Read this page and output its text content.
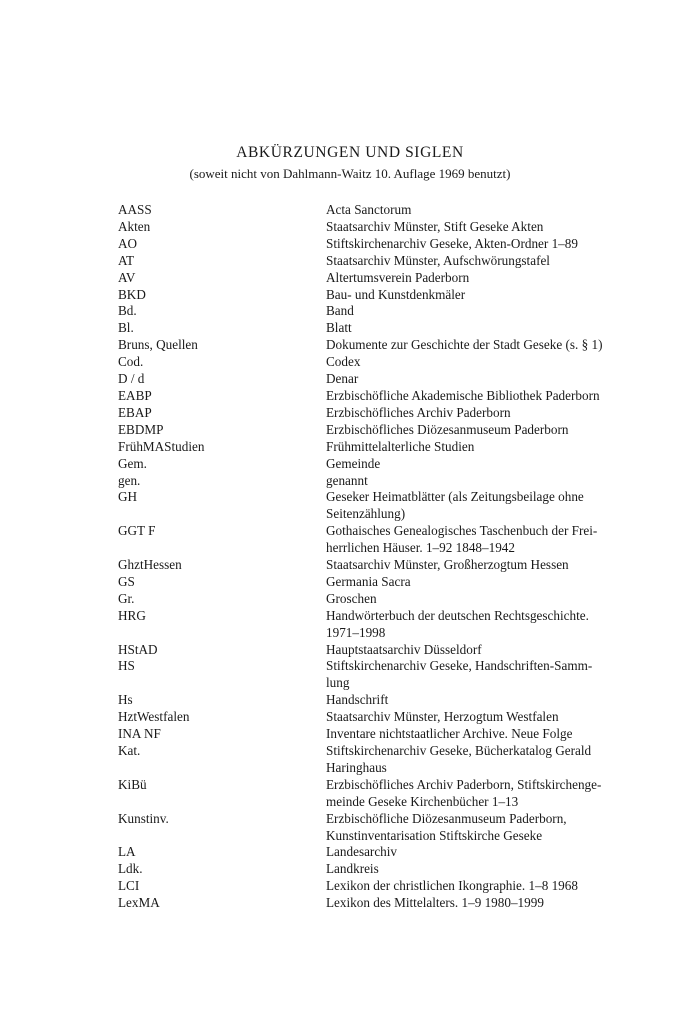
ABKÜRZUNGEN UND SIGLEN

(soweit nicht von Dahlmann-Waitz 10. Auflage 1969 benutzt)

AASS	Acta Sanctorum
Akten	Staatsarchiv Münster, Stift Geseke Akten
AO	Stiftskirchenarchiv Geseke, Akten-Ordner 1–89
AT	Staatsarchiv Münster, Aufschwörungstafel
AV	Altertumsverein Paderborn
BKD	Bau- und Kunstdenkmäler
Bd.	Band
Bl.	Blatt
Bruns, Quellen	Dokumente zur Geschichte der Stadt Geseke (s. § 1)
Cod.	Codex
D / d	Denar
EABP	Erzbischöfliche Akademische Bibliothek Paderborn
EBAP	Erzbischöfliches Archiv Paderborn
EBDMP	Erzbischöfliches Diözesanmuseum Paderborn
FrühMAStudien	Frühmittelalterliche Studien
Gem.	Gemeinde
gen.	genannt
GH	Geseker Heimatblätter (als Zeitungsbeilage ohne
Seitenzählung)
GGT F	Gothaisches Genealogisches Taschenbuch der Frei-
herrlichen Häuser. 1–92 1848–1942
GhztHessen	Staatsarchiv Münster, Großherzogtum Hessen
GS	Germania Sacra
Gr.	Groschen
HRG	Handwörterbuch der deutschen Rechtsgeschichte.
1971–1998
HStAD	Hauptstaatsarchiv Düsseldorf
HS	Stiftskirchenarchiv Geseke, Handschriften-Samm-
lung
Hs	Handschrift
HztWestfalen	Staatsarchiv Münster, Herzogtum Westfalen
INA NF	Inventare nichtstaatlicher Archive. Neue Folge
Kat.	Stiftskirchenarchiv Geseke, Bücherkatalog Gerald
Haringhaus
KiBü	Erzbischöfliches Archiv Paderborn, Stiftskirchenge-
meinde Geseke Kirchenbücher 1–13
Kunstinv.	Erzbischöfliche Diözesanmuseum Paderborn,
Kunstinventarisation Stiftskirche Geseke
LA	Landesarchiv
Ldk.	Landkreis
LCI	Lexikon der christlichen Ikongraphie. 1–8 1968
LexMA	Lexikon des Mittelalters. 1–9 1980–1999
